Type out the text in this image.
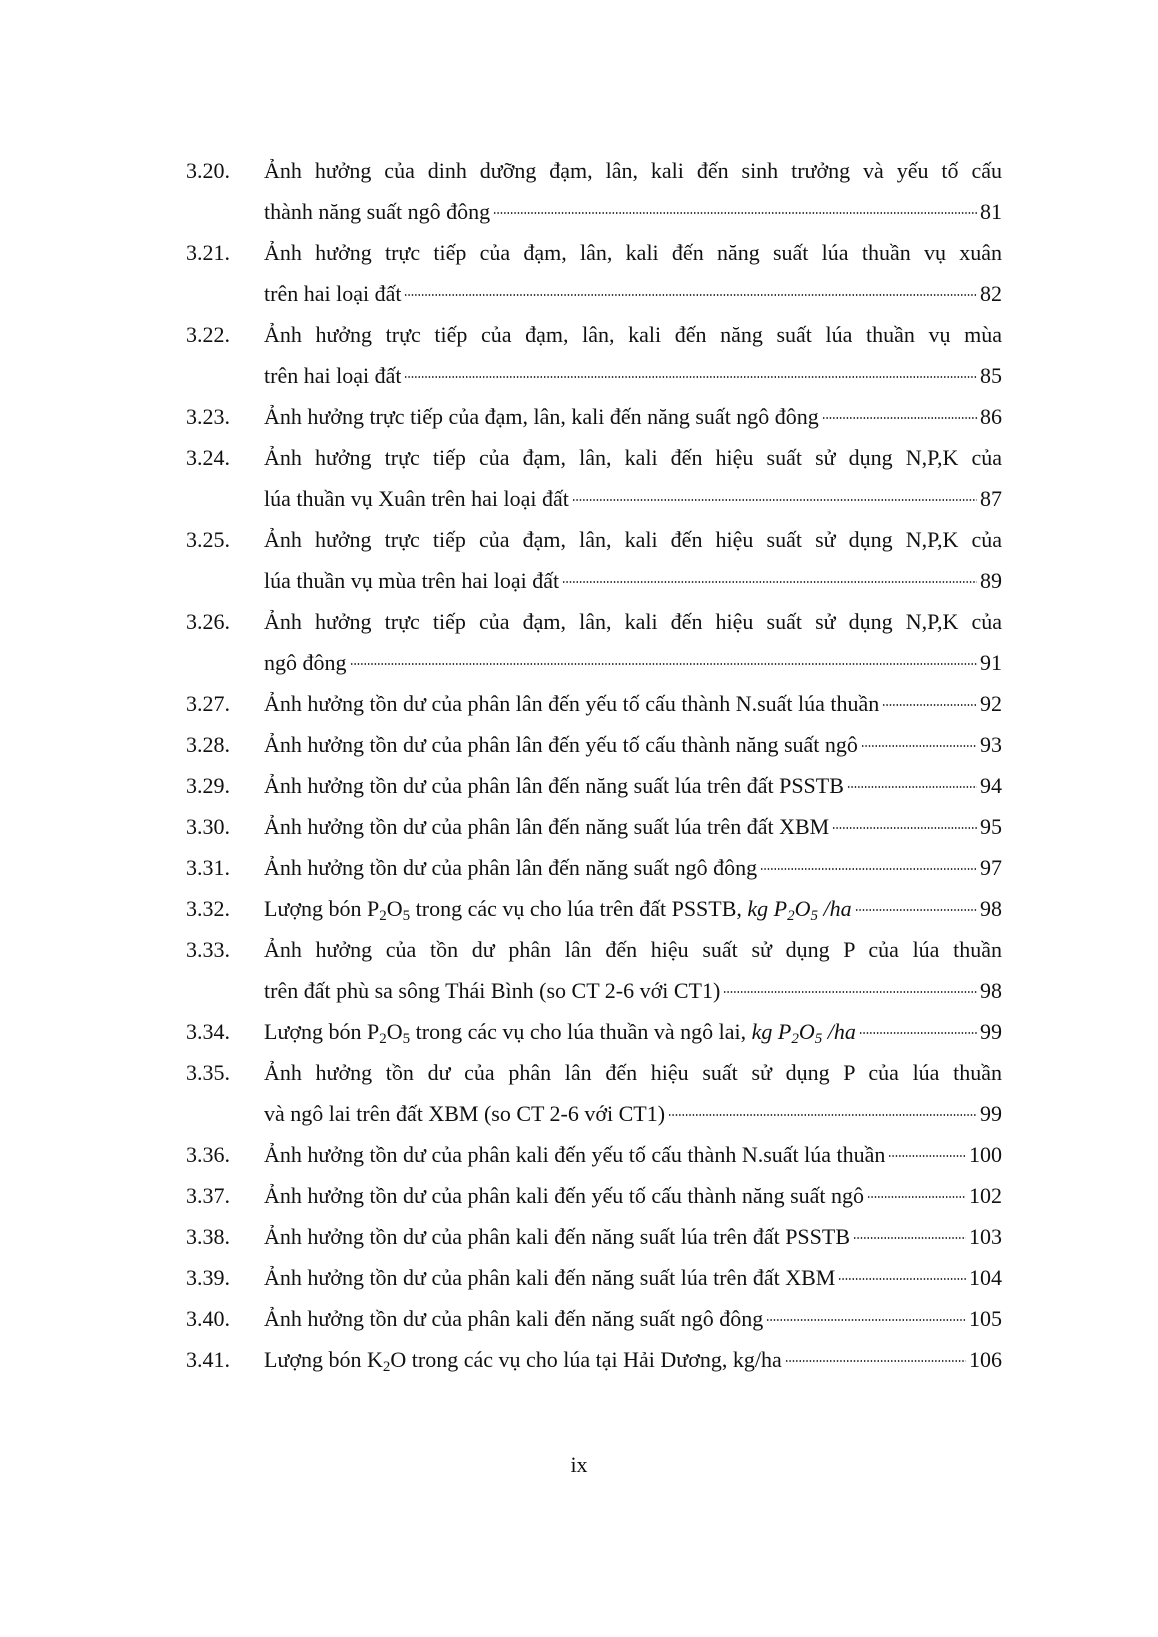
3.20.	Ảnh hưởng của dinh dưỡng đạm, lân, kali đến sinh trưởng và yếu tố cấu
thành năng suất ngô đông	81
3.21.	Ảnh hưởng trực tiếp của đạm, lân, kali đến năng suất lúa thuần vụ xuân
trên hai loại đất	82
3.22.	Ảnh hưởng trực tiếp của đạm, lân, kali đến năng suất lúa thuần vụ mùa
trên hai loại đất	85
3.23.	Ảnh hưởng trực tiếp của đạm, lân, kali đến năng suất ngô đông	86
3.24.	Ảnh hưởng trực tiếp của đạm, lân, kali đến hiệu suất sử dụng N,P,K của
lúa thuần vụ Xuân trên hai loại đất	87
3.25.	Ảnh hưởng trực tiếp của đạm, lân, kali đến hiệu suất sử dụng N,P,K của
lúa thuần vụ mùa trên hai loại đất	89
3.26.	Ảnh hưởng trực tiếp của đạm, lân, kali đến hiệu suất sử dụng N,P,K của
ngô đông	91
3.27.	Ảnh hưởng tồn dư của phân lân đến yếu tố cấu thành N.suất lúa thuần	92
3.28.	Ảnh hưởng tồn dư của phân lân đến yếu tố cấu thành năng suất ngô	93
3.29.	Ảnh hưởng tồn dư của phân lân đến năng suất lúa trên đất PSSTB	94
3.30.	Ảnh hưởng tồn dư của phân lân đến năng suất lúa trên đất XBM	95
3.31.	Ảnh hưởng tồn dư của phân lân đến năng suất ngô đông	97
3.32.	Lượng bón $P_2O_5$ trong các vụ cho lúa trên đất PSSTB, kg $P_2O_5$ /ha	98
3.33.	Ảnh hưởng của tồn dư phân lân đến hiệu suất sử dụng P của lúa thuần
trên đất phù sa sông Thái Bình (so CT 2-6 với CT1)	98
3.34.	Lượng bón $P_2O_5$ trong các vụ cho lúa thuần và ngô lai, kg $P_2O_5$ /ha	99
3.35.	Ảnh hưởng tồn dư của phân lân đến hiệu suất sử dụng P của lúa thuần
và ngô lai trên đất XBM (so CT 2-6 với CT1)	99
3.36.	Ảnh hưởng tồn dư của phân kali đến yếu tố cấu thành N.suất lúa thuần	100
3.37.	Ảnh hưởng tồn dư của phân kali đến yếu tố cấu thành năng suất ngô	102
3.38.	Ảnh hưởng tồn dư của phân kali đến năng suất lúa trên đất PSSTB	103
3.39.	Ảnh hưởng tồn dư của phân kali đến năng suất lúa trên đất XBM	104
3.40.	Ảnh hưởng tồn dư của phân kali đến năng suất ngô đông	105
3.41.	Lượng bón $K_2O$ trong các vụ cho lúa tại Hải Dương, kg/ha	106
ix
